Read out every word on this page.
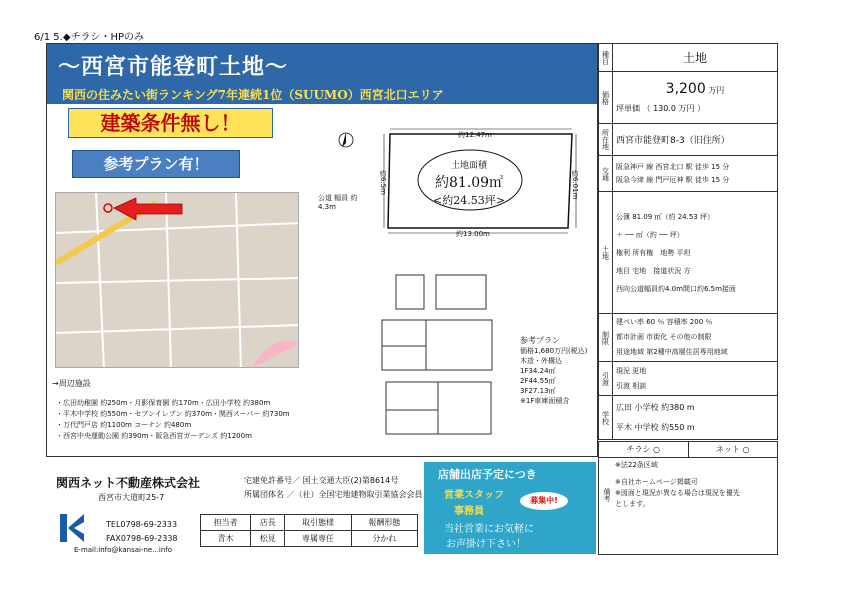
6/1 5.◆チラシ・HPのみ
〜西宮市能登町土地〜
関西の住みたい街ランキング7年連続1位（SUUMO）西宮北口エリア
建築条件無し！
参考プラン有！
約12.47m
約13.00m
約6.5m	約6.01m
公道 幅員 約4.3m
土地面積
約81.09㎡
<約24.53坪>
参考プラン
価格1,680万円(税込)
木造・外構込
1F34.24㎡
2F44.55㎡
3F27.13㎡
※1F車庫面積含
→周辺施設
・広田幼稚園 約250m・月影保育園 約170m・広田小学校 約380m
・平木中学校 約550m・セブンイレブン 約370m・関西スーパー 約730m
・万代門戸店 約1100m コーナン 約480m
・西宮中央運動公園 約390m・阪急西宮ガーデンズ 約1200m
関西ネット不動産株式会社
西宮市大道町25-7
TEL0798-69-2333
FAX0798-69-2338
E-mail:info@kansai-ne...info
宅建免許番号／ 国土交通大臣(2)第8614号
所属団体名 ／（社）全国宅地建物取引業協会会員
担当者	店長	取引態様	報酬形態
青木	松見	専属専任	分かれ
店舗出店予定につき
営業スタッフ
事務員
募集中!
当社営業にお気軽に
お声掛け下さい！
種目	土地
価格	3,200 万円
坪単価 （ 130.0 万円 ）

所在地	西宮市能登町8-3（旧住所）
交通	阪急神戸 線 西宮北口 駅 徒歩 15 分
阪急今津 線 門戸厄神 駅 徒歩 15 分

土地	公簿 81.09 ㎡（約 24.53 坪）
＋ ── ㎡（約 ── 坪）
権利 所有権　 地勢 平坦
地目 宅地　 接道状況 方
西向公道幅員約4.0m間口約6.5m接面

制限	建ぺい率 60 ％ 容積率 200 ％
都市計画 市街化 その他の制限
用途地域 第2種中高層住居専用地域

引渡	現況 更地
引渡 相談

学校	広田 小学校 約380 m
平木 中学校 約550 m
チラシ ○	ネット ○
備考
※法22条区域
※自社ホームページ掲載可
※図面と現況が異なる場合は現況を優先
とします。
